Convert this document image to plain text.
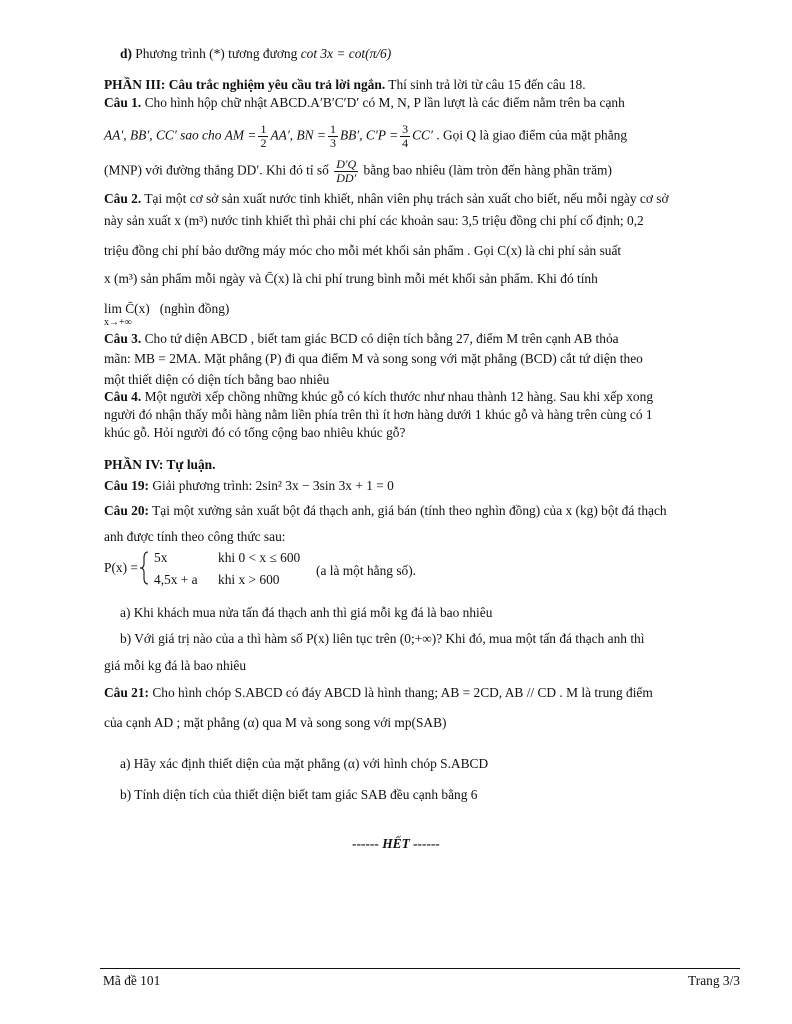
d) Phương trình (*) tương đương cot 3x = cot(π/6)
PHẦN III: Câu trắc nghiệm yêu cầu trả lời ngắn. Thí sinh trả lời từ câu 15 đến câu 18.
Câu 1. Cho hình hộp chữ nhật ABCD.A′B′C′D′ có M, N, P lần lượt là các điểm nằm trên ba cạnh
AA′, BB′, CC′ sao cho AM = $\frac{1}{2} AA'$, BN = $\frac{1}{3} BB'$, $C'P = \frac{3}{4} CC'$ . Gọi Q là giao điểm của mặt phẳng
(MNP) với đường thẳng DD′. Khi đó tỉ số $\frac{D'Q}{DD'}$ bằng bao nhiêu (làm tròn đến hàng phần trăm)
Câu 2. Tại một cơ sở sản xuất nước tinh khiết, nhân viên phụ trách sản xuất cho biết, nếu mỗi ngày cơ sở
này sản xuất x (m³) nước tinh khiết thì phải chi phí các khoản sau: 3,5 triệu đồng chi phí cố định; 0,2
triệu đồng chi phí bảo dưỡng máy móc cho mỗi mét khối sản phẩm . Gọi C(x) là chi phí sản suất
x (m³) sản phẩm mỗi ngày và C̄(x) là chi phí trung bình mỗi mét khối sản phẩm. Khi đó tính
lim C̄(x) (nghìn đồng)
x→+∞
Câu 3. Cho tứ diện ABCD , biết tam giác BCD có diện tích bằng 27, điểm M trên cạnh AB thỏa
mãn: MB = 2MA. Mặt phẳng (P) đi qua điểm M và song song với mặt phẳng (BCD) cắt tứ diện theo
một thiết diện có diện tích bằng bao nhiêu
Câu 4. Một người xếp chồng những khúc gỗ có kích thước như nhau thành 12 hàng. Sau khi xếp xong
người đó nhận thấy mỗi hàng nằm liền phía trên thì ít hơn hàng dưới 1 khúc gỗ và hàng trên cùng có 1
khúc gỗ. Hỏi người đó có tổng cộng bao nhiêu khúc gỗ?
PHẦN IV: Tự luận.
Câu 19: Giải phương trình: 2sin² 3x − 3sin 3x + 1 = 0
Câu 20: Tại một xưởng sản xuất bột đá thạch anh, giá bán (tính theo nghìn đồng) của x (kg) bột đá thạch
anh được tính theo công thức sau:
P(x) =
5x	khi 0 < x ≤ 600
4,5x + a khi x > 600
(a là một hằng số).
a) Khi khách mua nửa tấn đá thạch anh thì giá mỗi kg đá là bao nhiêu
b) Với giá trị nào của a thì hàm số P(x) liên tục trên (0;+∞)? Khi đó, mua một tấn đá thạch anh thì
giá mỗi kg đá là bao nhiêu
Câu 21: Cho hình chóp S.ABCD có đáy ABCD là hình thang; AB = 2CD, AB // CD . M là trung điểm
của cạnh AD ; mặt phẳng (α) qua M và song song với mp(SAB)
a) Hãy xác định thiết diện của mặt phẳng (α) với hình chóp S.ABCD
b) Tính diện tích của thiết diện biết tam giác SAB đều cạnh bằng 6
------ HẾT ------
Mã đề 101	Trang 3/3
